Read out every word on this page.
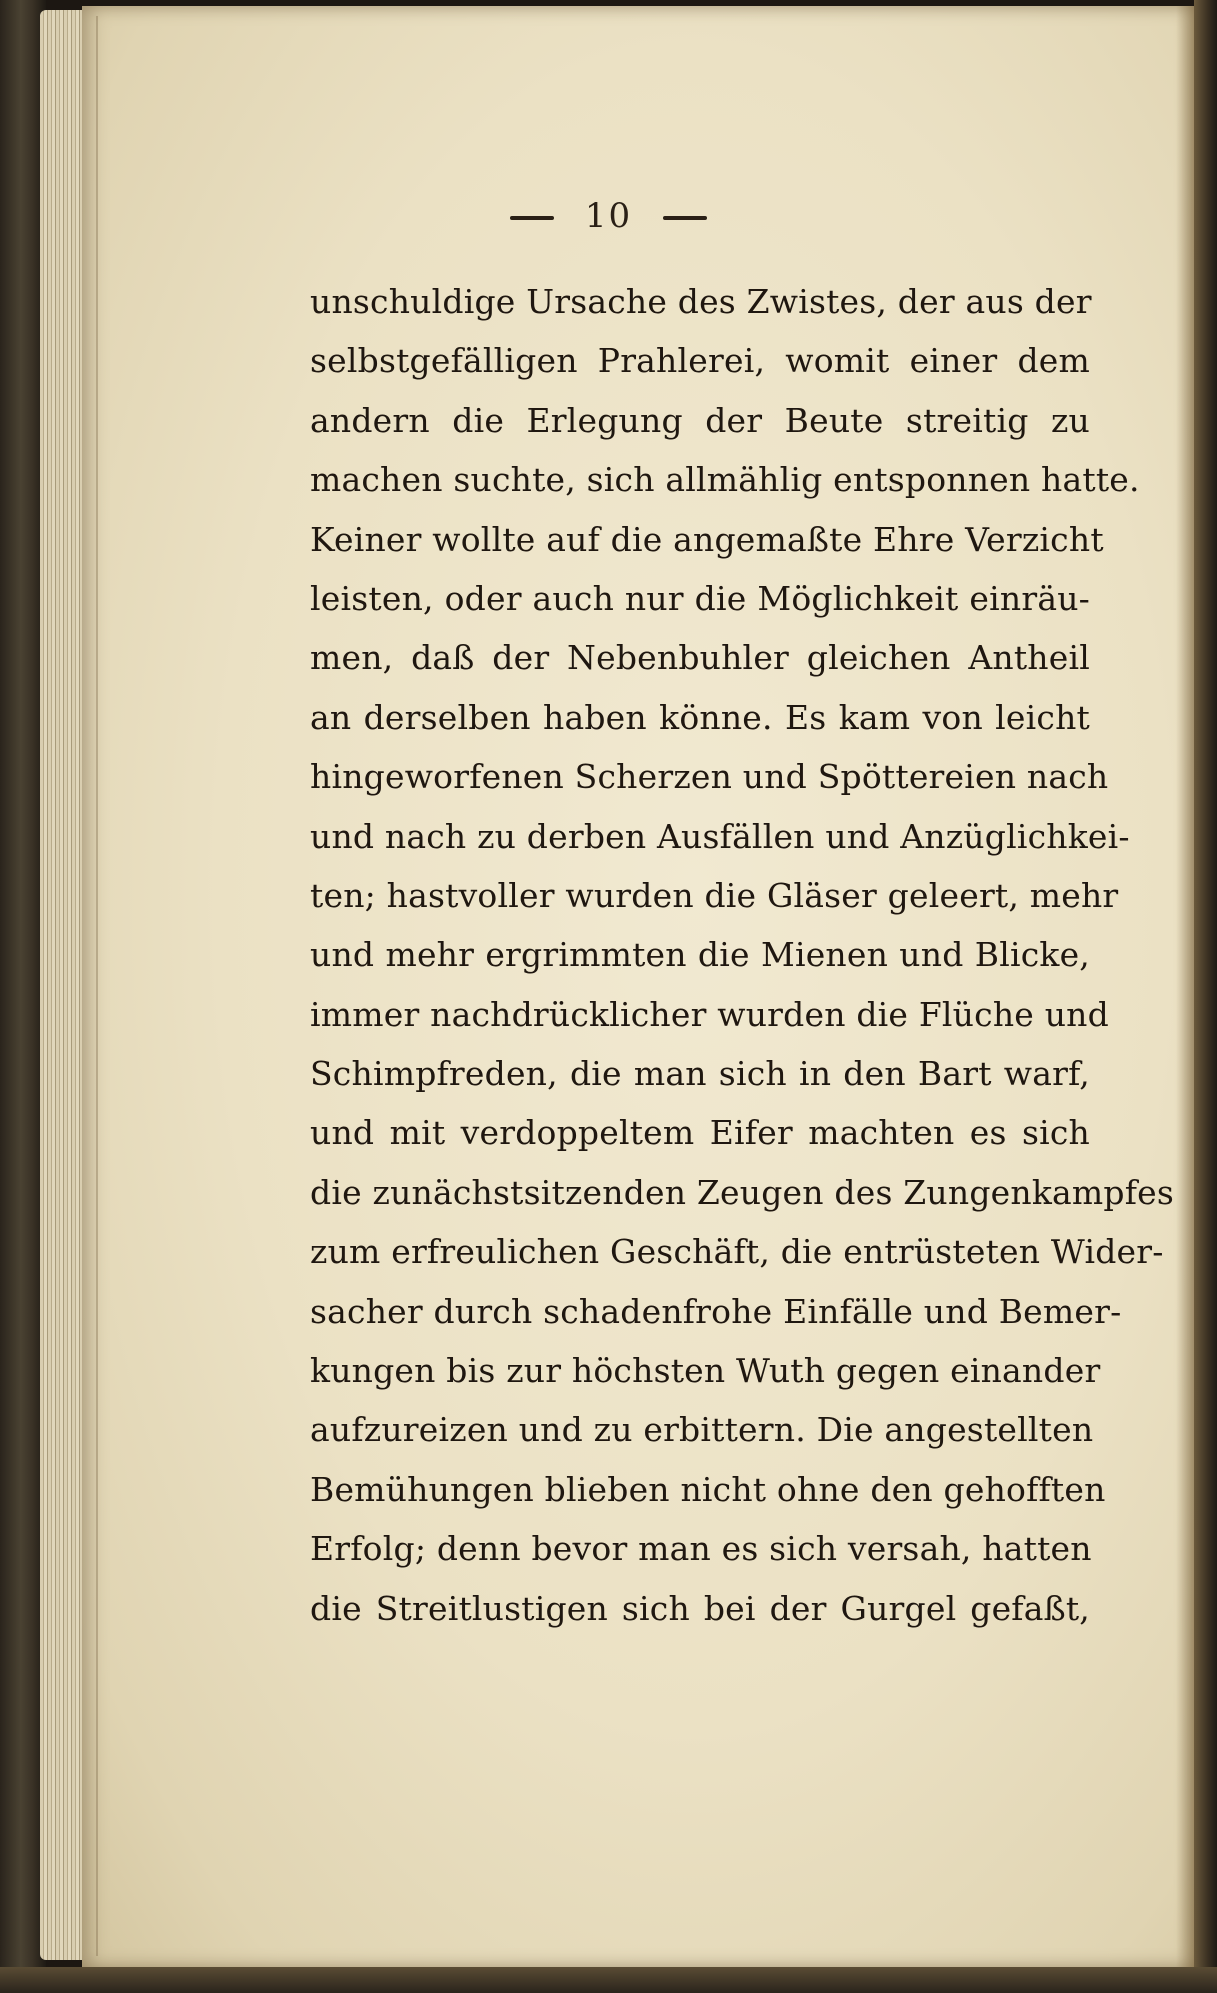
10
unschuldige Ursache des Zwistes, der aus der
selbstgefälligen Prahlerei, womit einer dem
andern die Erlegung der Beute streitig zu
machen suchte, sich allmählig entsponnen hatte.
Keiner wollte auf die angemaßte Ehre Verzicht
leisten, oder auch nur die Möglichkeit einräu-
men, daß der Nebenbuhler gleichen Antheil
an derselben haben könne. Es kam von leicht
hingeworfenen Scherzen und Spöttereien nach
und nach zu derben Ausfällen und Anzüglichkei-
ten; hastvoller wurden die Gläser geleert, mehr
und mehr ergrimmten die Mienen und Blicke,
immer nachdrücklicher wurden die Flüche und
Schimpfreden, die man sich in den Bart warf,
und mit verdoppeltem Eifer machten es sich
die zunächstsitzenden Zeugen des Zungenkampfes
zum erfreulichen Geschäft, die entrüsteten Wider-
sacher durch schadenfrohe Einfälle und Bemer-
kungen bis zur höchsten Wuth gegen einander
aufzureizen und zu erbittern. Die angestellten
Bemühungen blieben nicht ohne den gehofften
Erfolg; denn bevor man es sich versah, hatten
die Streitlustigen sich bei der Gurgel gefaßt,
